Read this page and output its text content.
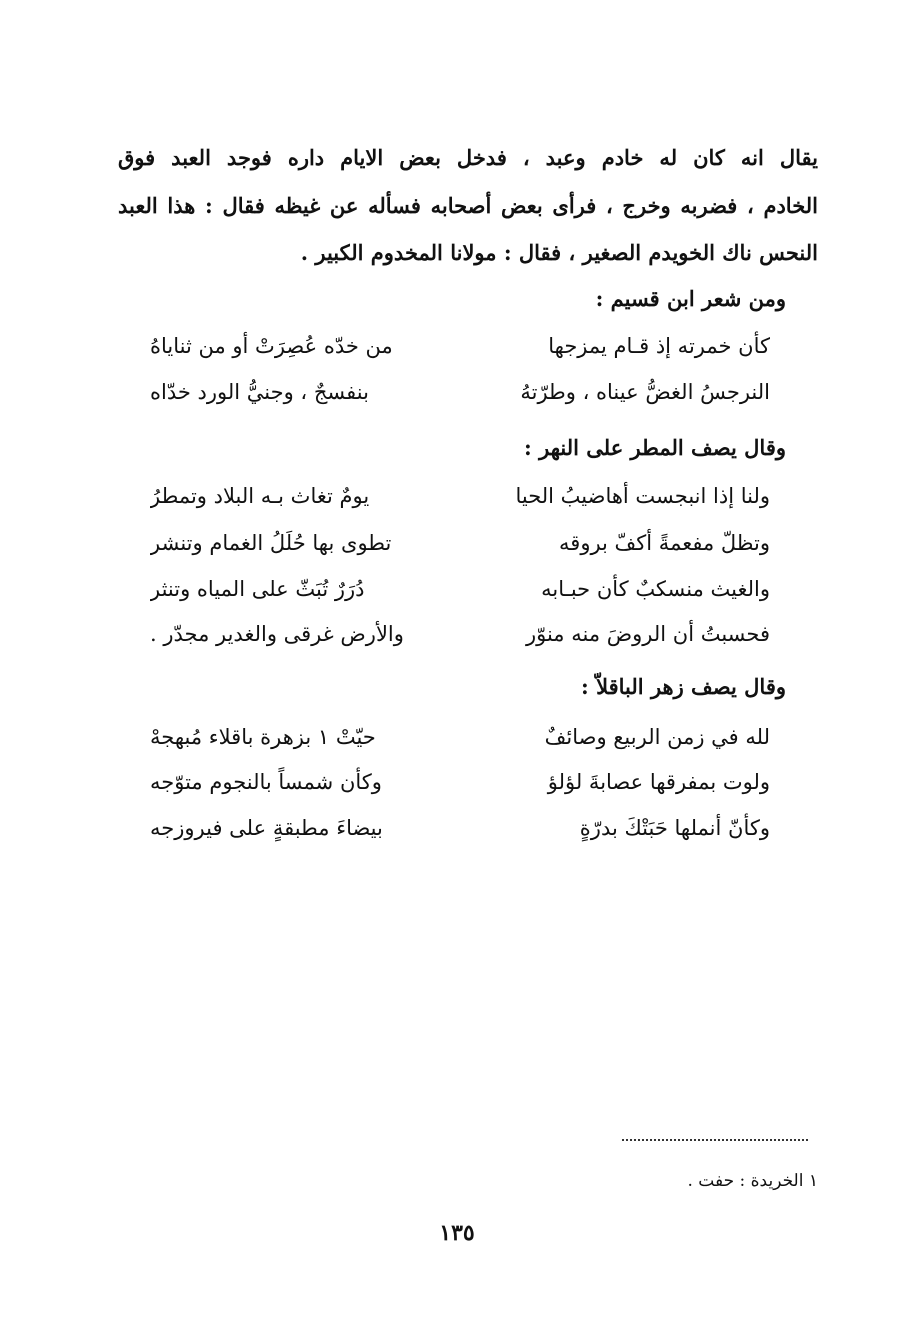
يقال انه كان له خادم وعبد ، فدخل بعض الايام داره فوجد العبد فوق
الخادم ، فضربه وخرج ، فرأى بعض أصحابه فسأله عن غيظه فقال : هذا العبد
النحس ناك الخويدم الصغير ، فقال : مولانا المخدوم الكبير .
ومن شعر ابن قسيم :
كأن خمرته إذ قـام يمزجها
من خدّه عُصِرَتْ أو من ثناياهُ
النرجسُ الغضُّ عيناه ، وطرّتهُ
بنفسجٌ ، وجنيُّ الورد خدّاه
وقال يصف المطر على النهر :
ولنا إذا انبجست أهاضيبُ الحيا
يومٌ تغاث بـه البلاد وتمطرُ
وتظلّ مفعمةً أكفّ بروقه
تطوى بها حُلَلُ الغمام وتنشر
والغيث منسكبٌ كأن حبـابه
دُرَرٌ تُبَثّ على المياه وتنثر
فحسبتُ أن الروضَ منه منوّر
والأرض غرقى والغدير مجدّر .
وقال يصف زهر الباقلاّ :
لله في زمن الربيع وصائفٌ
حيّتْ ١ بزهرة باقلاء مُبهجهْ
ولوت بمفرقها عصابةَ لؤلؤ
وكأن شمساً بالنجوم متوّجه
وكأنّ أنملها حَبَتْكَ بدرّةٍ
بيضاءَ مطبقةٍ على فيروزجه
١ الخريدة : حفت .
١٣٥
